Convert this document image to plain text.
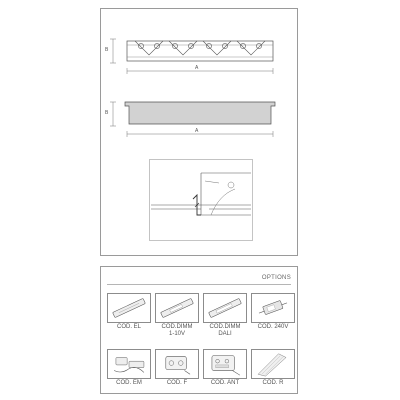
B
A
B
A
OPTIONS
COD. EL	COD.DIMM
1-10V
COD.DIMM
DALI
COD. 240V
COD. EM	COD. F	COD. ANT	COD. R
